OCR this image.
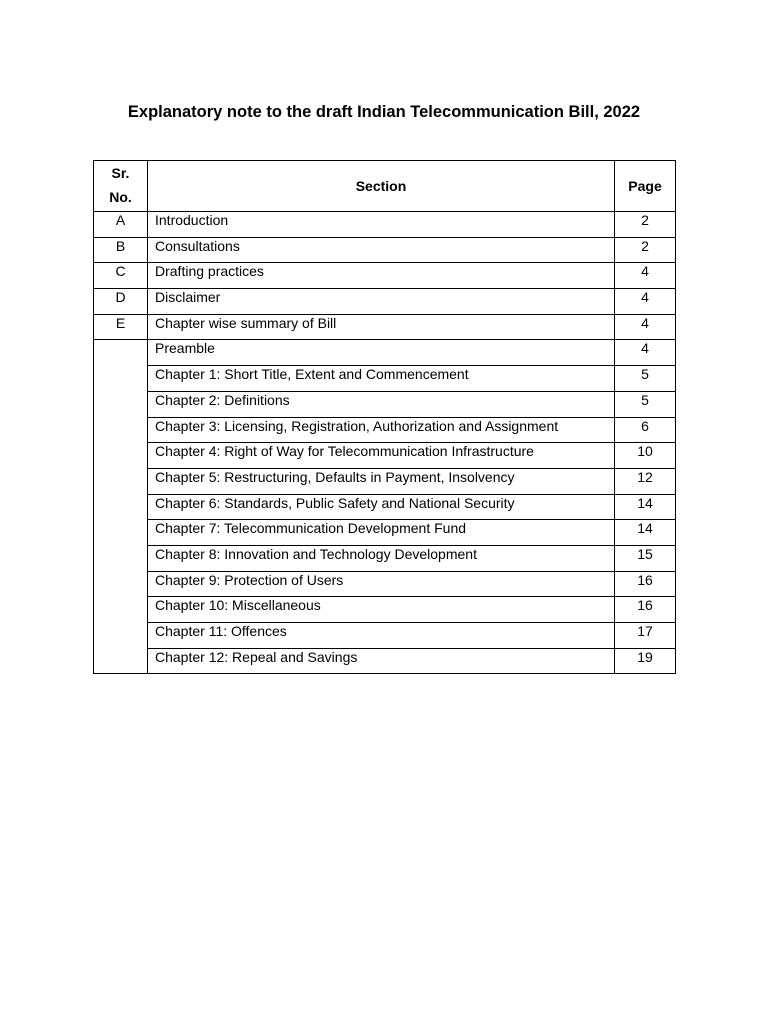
Explanatory note to the draft Indian Telecommunication Bill, 2022
Sr.
No.	Section	Page
A	Introduction	2
B	Consultations	2
C	Drafting practices	4
D	Disclaimer	4
E	Chapter wise summary of Bill	4
	Preamble	4
	Chapter 1: Short Title, Extent and Commencement	5
	Chapter 2: Definitions	5
	Chapter 3: Licensing, Registration, Authorization and Assignment	6
	Chapter 4: Right of Way for Telecommunication Infrastructure	10
	Chapter 5: Restructuring, Defaults in Payment, Insolvency	12
	Chapter 6: Standards, Public Safety and National Security	14
	Chapter 7: Telecommunication Development Fund	14
	Chapter 8: Innovation and Technology Development	15
	Chapter 9: Protection of Users	16
	Chapter 10: Miscellaneous	16
	Chapter 11: Offences	17
	Chapter 12: Repeal and Savings	19
